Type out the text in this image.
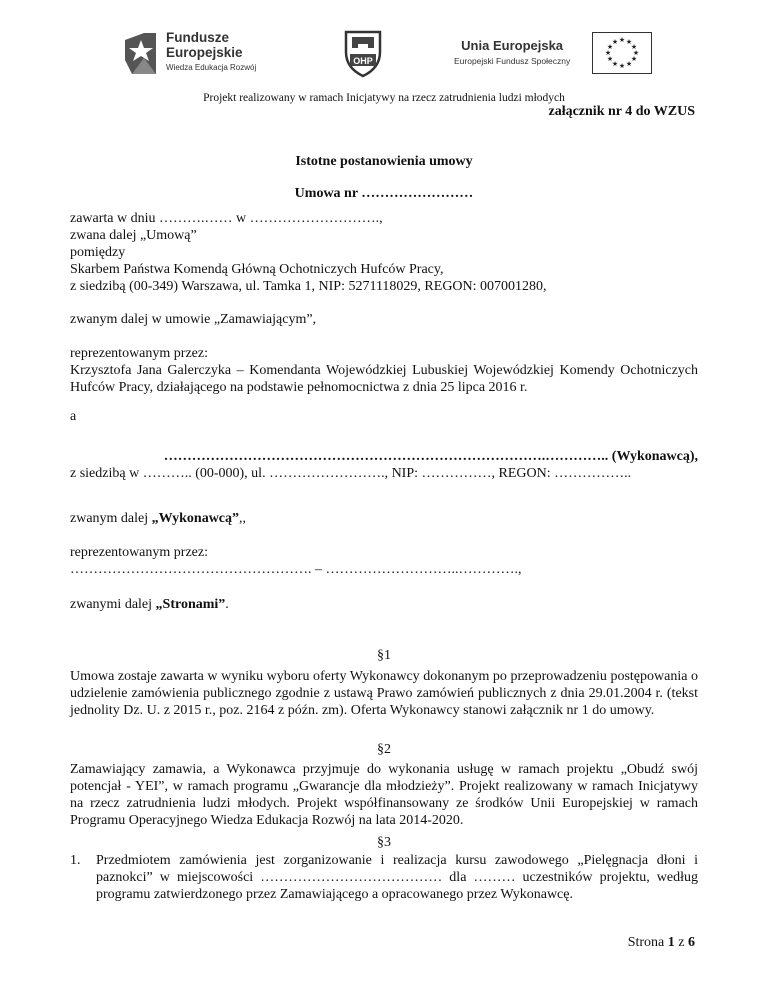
Fundusze
Europejskie
Wiedza Edukacja Rozwój
OHP
Unia Europejska
Europejski Fundusz Społeczny
★ ★
★
★
★
★
★
★
★
★
★
★
Projekt realizowany w ramach Inicjatywy na rzecz zatrudnienia ludzi młodych
załącznik nr 4 do WZUS
Istotne postanowienia umowy
Umowa nr ……………………
zawarta w dniu ……….…… w ……………………….,
zwana dalej „Umową”
pomiędzy
Skarbem Państwa Komendą Główną Ochotniczych Hufców Pracy,
z siedzibą (00-349) Warszawa, ul. Tamka 1, NIP: 5271118029, REGON: 007001280,
zwanym dalej w umowie „Zamawiającym”,
reprezentowanym przez:
Krzysztofa Jana Galerczyka – Komendanta Wojewódzkiej Lubuskiej Wojewódzkiej Komendy Ochotniczych Hufców Pracy, działającego na podstawie pełnomocnictwa z dnia 25 lipca 2016 r.
a
……………………………………………………………………….………….. (Wykonawcą),
z siedzibą w ……….. (00-000), ul. ……………………., NIP: ……………, REGON: ……………..
zwanym dalej „Wykonawcą”,,
reprezentowanym przez:
……………………………………………. – ………………………..………….,
zwanymi dalej „Stronami”.
§1
Umowa zostaje zawarta w wyniku wyboru oferty Wykonawcy dokonanym po przeprowadzeniu postępowania o udzielenie zamówienia publicznego zgodnie z ustawą Prawo zamówień publicznych z dnia 29.01.2004 r. (tekst jednolity Dz. U. z 2015 r., poz. 2164 z późn. zm). Oferta Wykonawcy stanowi załącznik nr 1 do umowy.
§2
Zamawiający zamawia, a Wykonawca przyjmuje do wykonania usługę w ramach projektu „Obudź swój potencjał - YEI”, w ramach programu „Gwarancje dla młodzieży”. Projekt realizowany w ramach Inicjatywy na rzecz zatrudnienia ludzi młodych. Projekt współfinansowany ze środków Unii Europejskiej w ramach Programu Operacyjnego Wiedza Edukacja Rozwój na lata 2014-2020.
§3
1. Przedmiotem zamówienia jest zorganizowanie i realizacja kursu zawodowego „Pielęgnacja dłoni i paznokci” w miejscowości ………………………………… dla ……… uczestników projektu, według programu zatwierdzonego przez Zamawiającego a opracowanego przez Wykonawcę.
Strona 1 z 6
